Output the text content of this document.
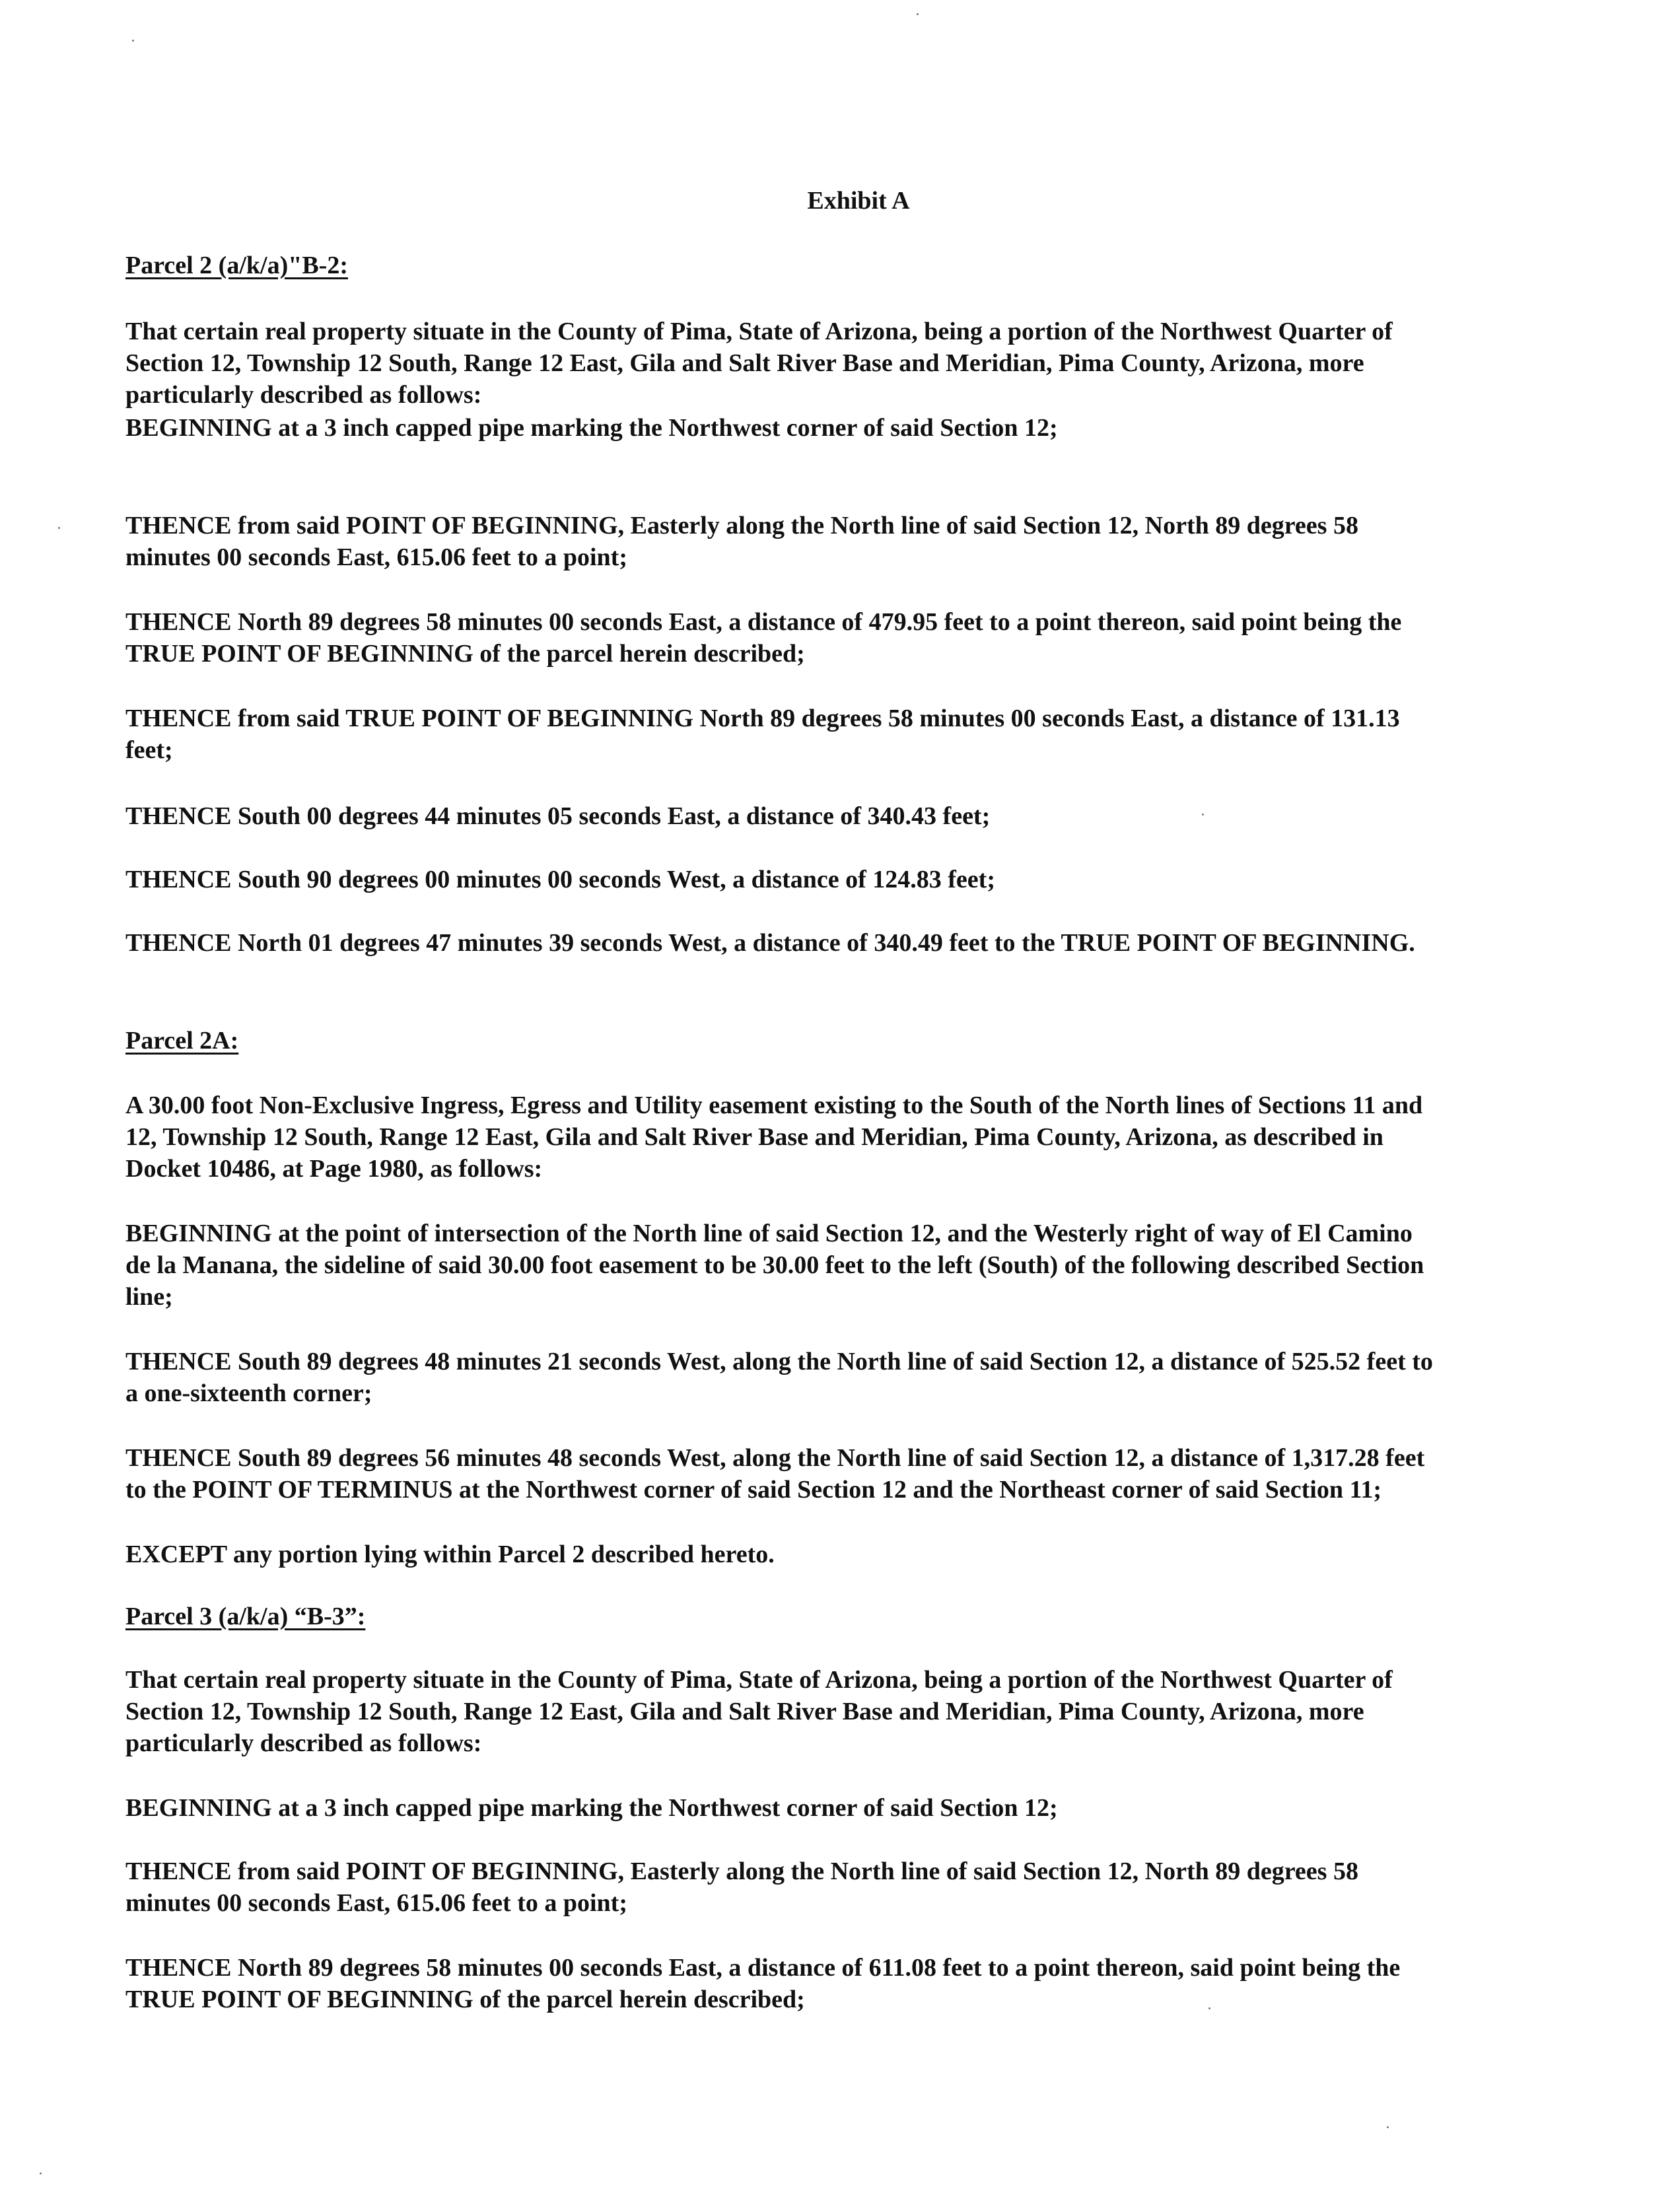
Exhibit A

Parcel 2 (a/k/a)"B-2:

That certain real property situate in the County of Pima, State of Arizona, being a portion of the Northwest Quarter of
Section 12, Township 12 South, Range 12 East, Gila and Salt River Base and Meridian, Pima County, Arizona, more
particularly described as follows:

BEGINNING at a 3 inch capped pipe marking the Northwest corner of said Section 12;

THENCE from said POINT OF BEGINNING, Easterly along the North line of said Section 12, North 89 degrees 58
minutes 00 seconds East, 615.06 feet to a point;

THENCE North 89 degrees 58 minutes 00 seconds East, a distance of 479.95 feet to a point thereon, said point being the
TRUE POINT OF BEGINNING of the parcel herein described;

THENCE from said TRUE POINT OF BEGINNING North 89 degrees 58 minutes 00 seconds East, a distance of 131.13
feet;

THENCE South 00 degrees 44 minutes 05 seconds East, a distance of 340.43 feet;

THENCE South 90 degrees 00 minutes 00 seconds West, a distance of 124.83 feet;

THENCE North 01 degrees 47 minutes 39 seconds West, a distance of 340.49 feet to the TRUE POINT OF BEGINNING.

Parcel 2A:

A 30.00 foot Non-Exclusive Ingress, Egress and Utility easement existing to the South of the North lines of Sections 11 and
12, Township 12 South, Range 12 East, Gila and Salt River Base and Meridian, Pima County, Arizona, as described in
Docket 10486, at Page 1980, as follows:

BEGINNING at the point of intersection of the North line of said Section 12, and the Westerly right of way of El Camino
de la Manana, the sideline of said 30.00 foot easement to be 30.00 feet to the left (South) of the following described Section
line;

THENCE South 89 degrees 48 minutes 21 seconds West, along the North line of said Section 12, a distance of 525.52 feet to
a one-sixteenth corner;

THENCE South 89 degrees 56 minutes 48 seconds West, along the North line of said Section 12, a distance of 1,317.28 feet
to the POINT OF TERMINUS at the Northwest corner of said Section 12 and the Northeast corner of said Section 11;

EXCEPT any portion lying within Parcel 2 described hereto.

Parcel 3 (a/k/a) “B-3”:

That certain real property situate in the County of Pima, State of Arizona, being a portion of the Northwest Quarter of
Section 12, Township 12 South, Range 12 East, Gila and Salt River Base and Meridian, Pima County, Arizona, more
particularly described as follows:

BEGINNING at a 3 inch capped pipe marking the Northwest corner of said Section 12;

THENCE from said POINT OF BEGINNING, Easterly along the North line of said Section 12, North 89 degrees 58
minutes 00 seconds East, 615.06 feet to a point;

THENCE North 89 degrees 58 minutes 00 seconds East, a distance of 611.08 feet to a point thereon, said point being the
TRUE POINT OF BEGINNING of the parcel herein described;
